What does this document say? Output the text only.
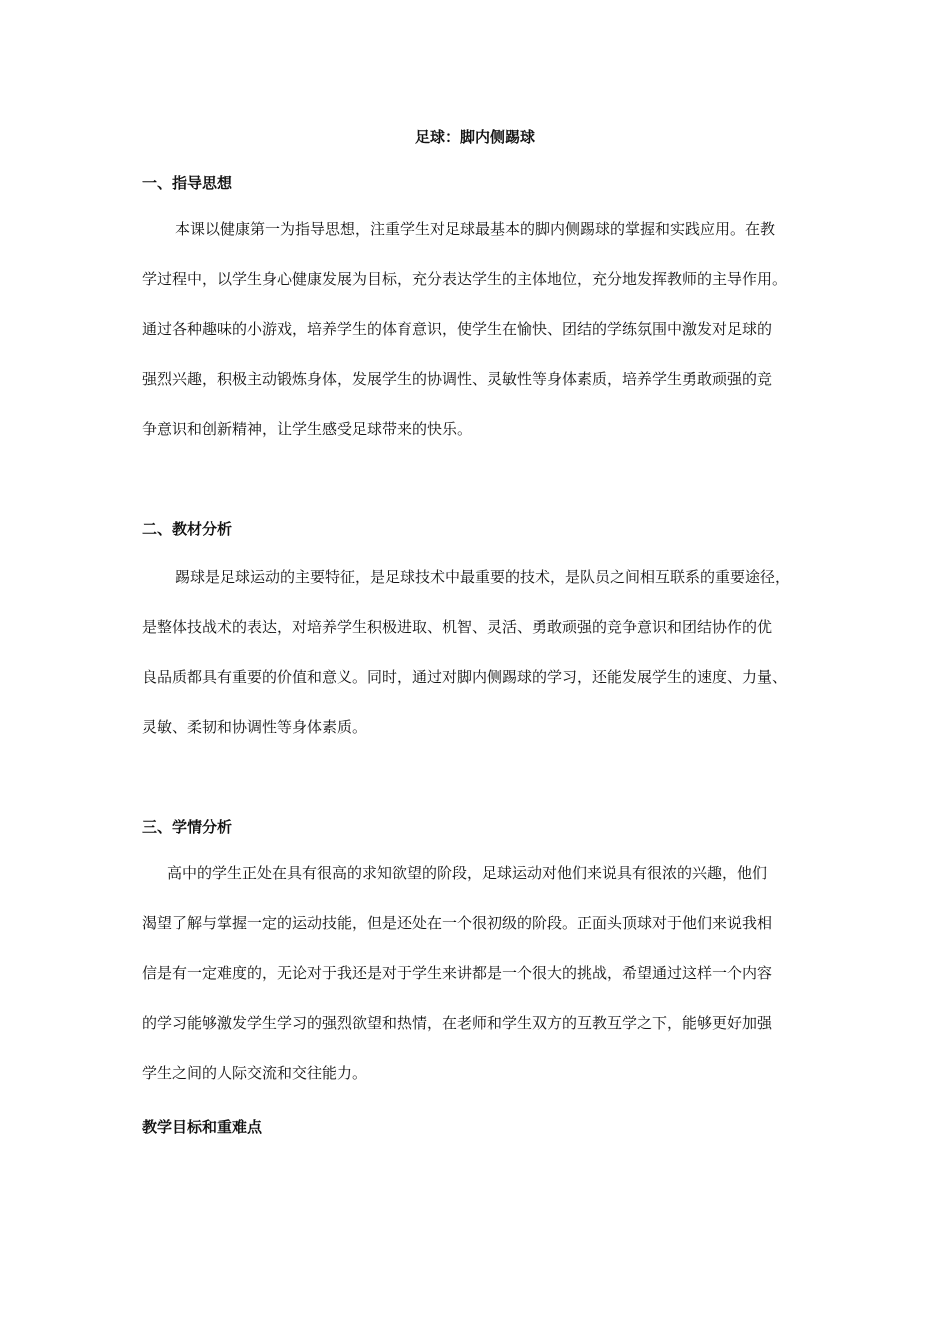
足球：脚内侧踢球
一、指导思想
本课以健康第一为指导思想，注重学生对足球最基本的脚内侧踢球的掌握和实践应用。在教
学过程中，以学生身心健康发展为目标，充分表达学生的主体地位，充分地发挥教师的主导作用。
通过各种趣味的小游戏，培养学生的体育意识，使学生在愉快、团结的学练氛围中激发对足球的
强烈兴趣，积极主动锻炼身体，发展学生的协调性、灵敏性等身体素质，培养学生勇敢顽强的竞
争意识和创新精神，让学生感受足球带来的快乐。
二、教材分析
踢球是足球运动的主要特征，是足球技术中最重要的技术，是队员之间相互联系的重要途径，
是整体技战术的表达，对培养学生积极进取、机智、灵活、勇敢顽强的竞争意识和团结协作的优
良品质都具有重要的价值和意义。同时，通过对脚内侧踢球的学习，还能发展学生的速度、力量、
灵敏、柔韧和协调性等身体素质。
三、学情分析
高中的学生正处在具有很高的求知欲望的阶段，足球运动对他们来说具有很浓的兴趣，他们
渴望了解与掌握一定的运动技能，但是还处在一个很初级的阶段。正面头顶球对于他们来说我相
信是有一定难度的，无论对于我还是对于学生来讲都是一个很大的挑战，希望通过这样一个内容
的学习能够激发学生学习的强烈欲望和热情，在老师和学生双方的互教互学之下，能够更好加强
学生之间的人际交流和交往能力。
教学目标和重难点
